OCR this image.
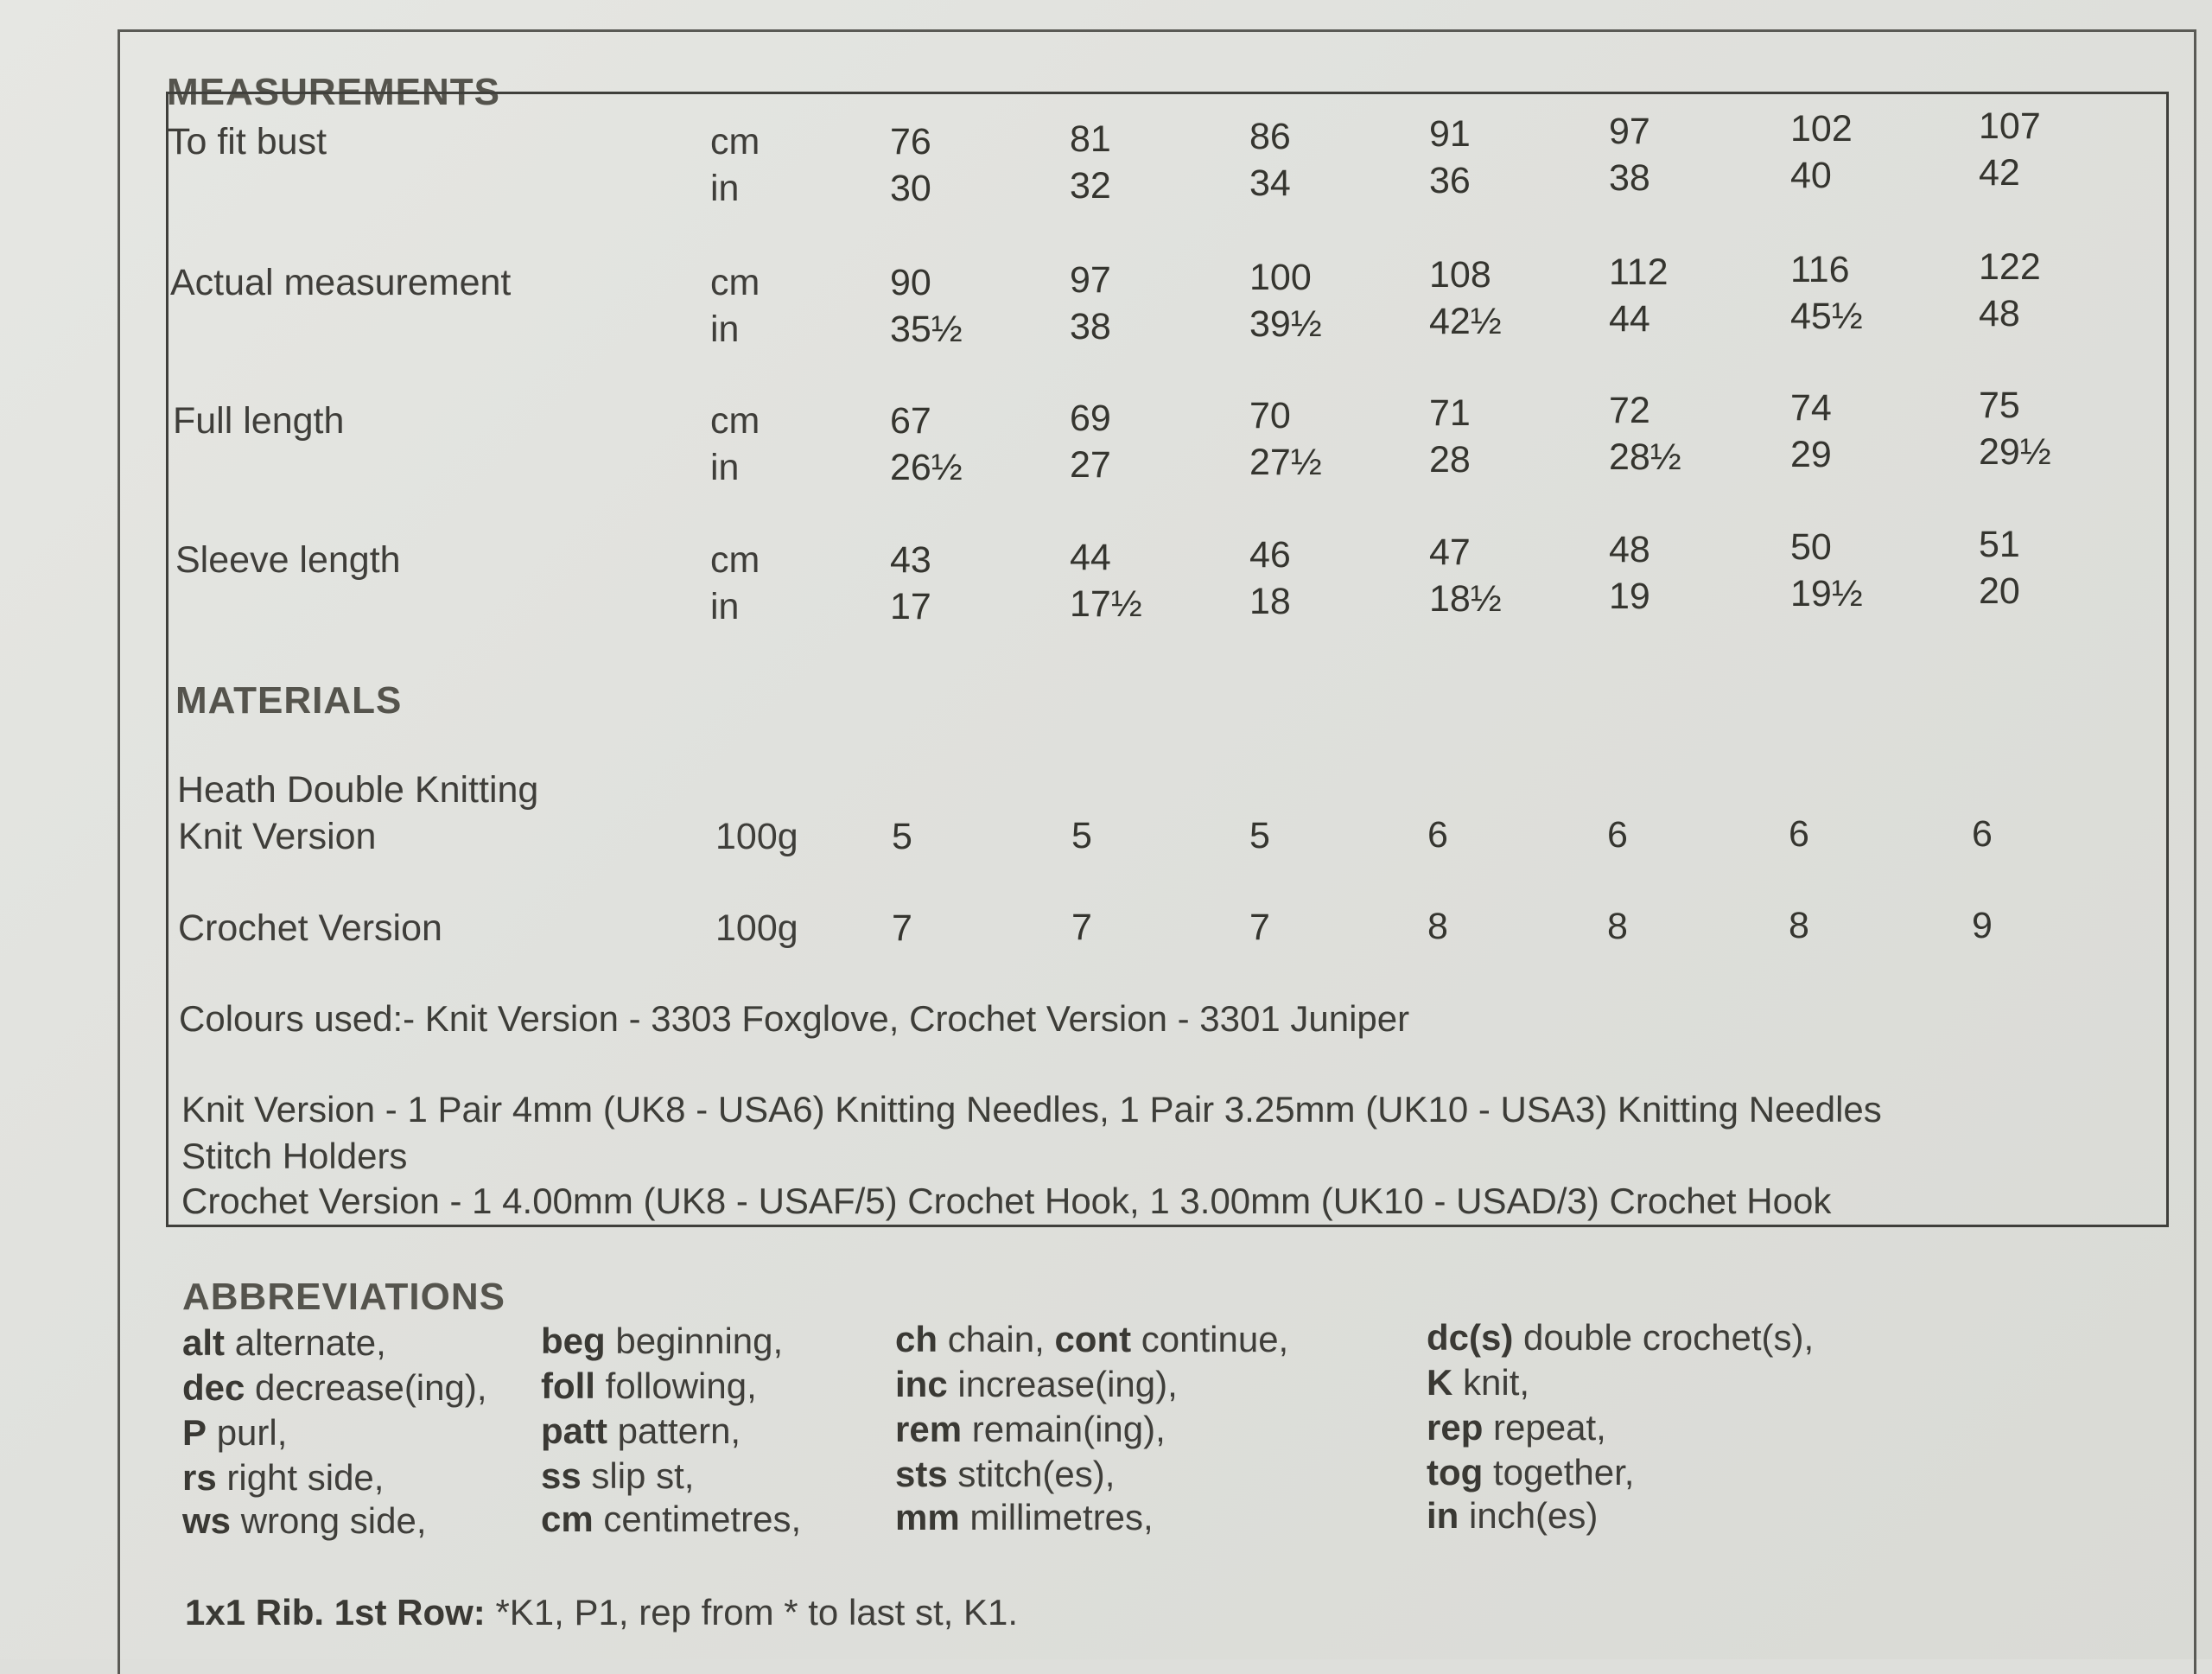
MEASUREMENTS
To fit bust	cm	76	81	86	91	97	102	107
in	30	32	34	36	38	40	42
Actual measurement	cm	90	97	100	108	112	116	122
in	35½	38	39½	42½	44	45½	48
Full length	cm	67	69	70	71	72	74	75
in	26½	27	27½	28	28½	29	29½
Sleeve length	cm	43	44	46	47	48	50	51
in	17	17½	18	18½	19	19½	20
MATERIALS
Heath Double Knitting
Knit Version	100g	5	5	5	6	6	6	6
Crochet Version	100g	7	7	7	8	8	8	9
Colours used:- Knit Version - 3303 Foxglove, Crochet Version - 3301 Juniper
Knit Version - 1 Pair 4mm (UK8 - USA6) Knitting Needles, 1 Pair 3.25mm (UK10 - USA3) Knitting Needles
Stitch Holders
Crochet Version - 1 4.00mm (UK8 - USAF/5) Crochet Hook, 1 3.00mm (UK10 - USAD/3) Crochet Hook
ABBREVIATIONS
alt alternate,
dec decrease(ing),
P purl,
rs right side,
ws wrong side,
beg beginning,
foll following,
patt pattern,
ss slip st,
cm centimetres,
ch chain, cont continue,
inc increase(ing),
rem remain(ing),
sts stitch(es),
mm millimetres,
dc(s) double crochet(s),
K knit,
rep repeat,
tog together,
in inch(es)
1x1 Rib. 1st Row: *K1, P1, rep from * to last st, K1.
